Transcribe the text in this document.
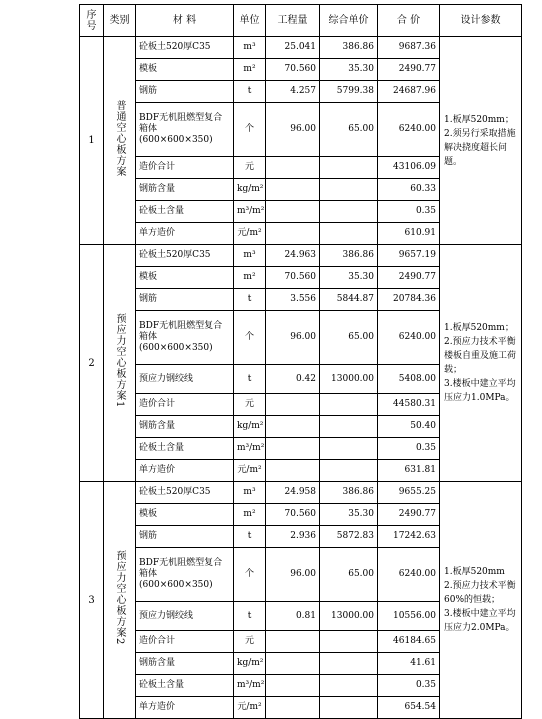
序号	类别	材 料	单位	工程量	综合单价	合 价	设计参数
1	普通空心板方案	砼板土520厚C35	m³	25.041	386.86	9687.36	1.板厚520mm；
2.须另行采取措施解决挠度超长问题。

		模板	m²	70.560	35.30	2490.77	
		钢筋	t	4.257	5799.38	24687.96	
		BDF无机阻燃型复合箱体(600×600×350)	个	96.00	65.00	6240.00	
		造价合计	元			43106.09	
		钢筋含量	kg/m²			60.33	
		砼板土含量	m³/m²			0.35	
		单方造价	元/m²			610.91	
2	预应力空心板方案1	砼板土520厚C35	m³	24.963	386.86	9657.19	1.板厚520mm；
2.预应力技术平衡楼板自重及施工荷载；
3.楼板中建立平均压应力1.0MPa。

		模板	m²	70.560	35.30	2490.77	
		钢筋	t	3.556	5844.87	20784.36	
		BDF无机阻燃型复合箱体(600×600×350)	个	96.00	65.00	6240.00	
		预应力钢绞线	t	0.42	13000.00	5408.00	
		造价合计	元			44580.31	
		钢筋含量	kg/m²			50.40	
		砼板土含量	m³/m²			0.35	
		单方造价	元/m²			631.81	
3	预应力空心板方案2	砼板土520厚C35	m³	24.958	386.86	9655.25	1.板厚520mm
2.预应力技术平衡60%的恒载；
3.楼板中建立平均压应力2.0MPa。

		模板	m²	70.560	35.30	2490.77	
		钢筋	t	2.936	5872.83	17242.63	
		BDF无机阻燃型复合箱体(600×600×350)	个	96.00	65.00	6240.00	
		预应力钢绞线	t	0.81	13000.00	10556.00	
		造价合计	元			46184.65	
		钢筋含量	kg/m²			41.61	
		砼板土含量	m³/m²			0.35	
		单方造价	元/m²			654.54	
